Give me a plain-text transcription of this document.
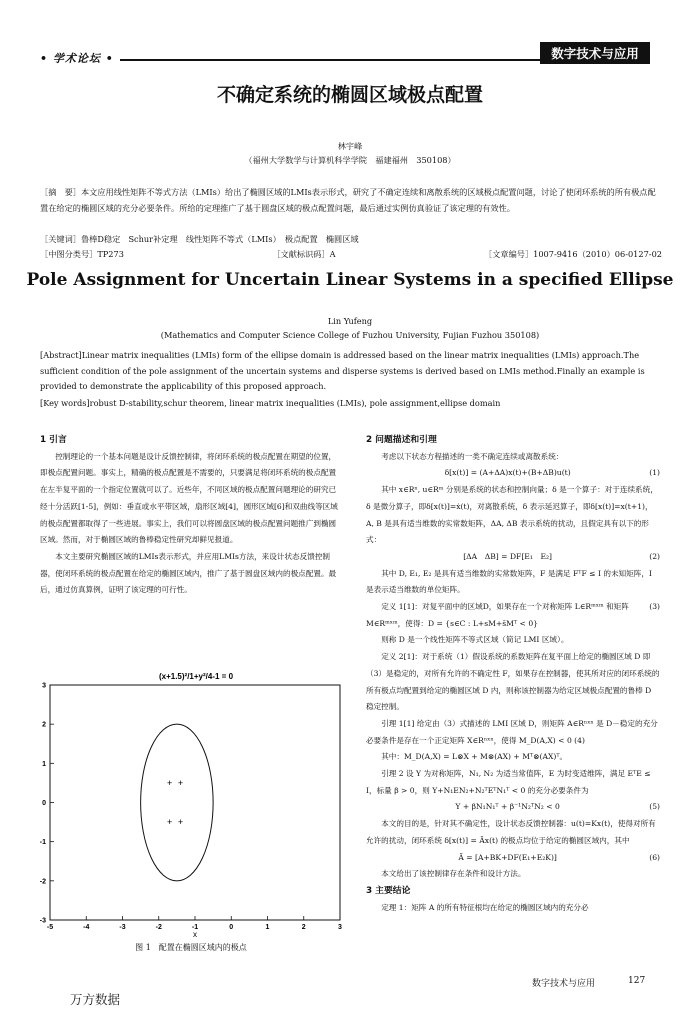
• 学术论坛 •	数字技术与应用
不确定系统的椭圆区域极点配置
林宇峰
（福州大学数学与计算机科学学院　福建福州　350108）
［摘　要］本文应用线性矩阵不等式方法（LMIs）给出了椭圆区域的LMIs表示形式，研究了不确定连续和离散系统的区域极点配置问题，讨论了使闭环系统的所有极点配置在给定的椭圆区域的充分必要条件。所给的定理推广了基于圆盘区域的极点配置问题，最后通过实例仿真验证了该定理的有效性。
［关键词］鲁棒D稳定　Schur补定理　线性矩阵不等式（LMIs）　极点配置　椭圆区域
［中图分类号］TP273	［文献标识码］A	［文章编号］1007-9416（2010）06-0127-02
Pole Assignment for Uncertain Linear Systems in a specified Ellipse
Lin Yufeng
(Mathematics and Computer Science College of Fuzhou University, Fujian Fuzhou 350108)
[Abstract]Linear matrix inequalities (LMIs) form of the ellipse domain is addressed based on the linear matrix inequalities (LMIs) approach.The sufficient condition of the pole assignment of the uncertain systems and disperse systems is derived based on LMIs method.Finally an example is provided to demonstrate the applicability of this proposed approach.
[Key words]robust D-stability,schur theorem, linear matrix inequalities (LMIs), pole assignment,ellipse domain

1 引言

控制理论的一个基本问题是设计反馈控制律，将闭环系统的极点配置在期望的位置，即极点配置问题。事实上，精确的极点配置是不需要的，只要满足将闭环系统的极点配置在左半复平面的一个指定位置就可以了。近些年，不同区域的极点配置问题理论的研究已经十分活跃[1-5]，例如：垂直或水平带区域，扇形区域[4]，圆形区域[6]和双曲线等区域的极点配置都取得了一些进展。事实上，我们可以将圆盘区域的极点配置问题推广到椭圆区域。然而，对于椭圆区域的鲁棒稳定性研究却鲜见报道。

本文主要研究椭圆区域的LMIs表示形式，并应用LMIs方法，来设计状态反馈控制器，使闭环系统的极点配置在给定的椭圆区域内，推广了基于圆盘区域内的极点配置。最后，通过仿真算例，证明了该定理的可行性。

(x+1.5)²/1+y²/4-1 = 0
-5	-4	-3	-2	-1	0	1	2	3
-3
-2
-1
0
1
2
3
+ +
+ +
x
图 1　配置在椭圆区域内的极点

2 问题描述和引理

考虑以下状态方程描述的一类不确定连续或离散系统：

δ[x(t)] = (A+ΔA)x(t)+(B+ΔB)u(t)	(1)

其中 x∈Rⁿ, u∈Rᵐ 分别是系统的状态和控制向量；δ 是一个算子：对于连续系统，δ 是微分算子，即δ[x(t)]=ẋ(t)，对离散系统，δ 表示延迟算子，即δ[x(t)]=x(t+1)，A, B 是具有适当维数的实常数矩阵，ΔA, ΔB 表示系统的扰动，且假定具有以下的形式：

[ΔA　ΔB] = DF[E₁　E₂]	(2)

其中 D, E₁, E₂ 是具有适当维数的实常数矩阵，F 是满足 FᵀF ≤ I 的未知矩阵，I 是表示适当维数的单位矩阵。

定义 1[1]：对复平面中的区域D，如果存在一个对称矩阵 L∈Rᵐˣᵐ 和矩阵 M∈Rᵐˣᵐ，使得：D = {s∈C : L+sM+s̄Mᵀ < 0}
(3)

则称 D 是一个线性矩阵不等式区域（简记 LMI 区域）。

定义 2[1]：对于系统（1）假设系统的系数矩阵在复平面上给定的椭圆区域 D 即（3）是稳定的，对所有允许的不确定性 F，如果存在控制器，使其所对应的闭环系统的所有极点均配置到给定的椭圆区域 D 内，则称该控制器为给定区域极点配置的鲁棒 D 稳定控制。

引理 1[1] 给定由（3）式描述的 LMI 区域 D，则矩阵 A∈Rⁿˣⁿ 是 D－稳定的充分必要条件是存在一个正定矩阵 X∈Rⁿˣⁿ，使得 M_D(A,X) < 0 (4)

其中：M_D(A,X) = L⊗X + M⊗(AX) + Mᵀ⊗(AX)ᵀ。

引理 2 设 Y 为对称矩阵，N₁, N₂ 为适当常值阵，E 为时变适维阵，满足 EᵀE ≤ I，标量 β > 0，则 Y+N₁EN₂+N₂ᵀEᵀN₁ᵀ < 0 的充分必要条件为

Y + βN₁N₁ᵀ + β⁻¹N₂ᵀN₂ < 0	(5)

本文的目的是，针对其不确定性，设计状态反馈控制器：u(t)=Kx(t)，使得对所有允许的扰动，闭环系统 δ[x(t)] = Ãx(t) 的极点均位于给定的椭圆区域内，其中

Ã = [A+BK+DF(E₁+E₂K)]	(6)

本文给出了该控制律存在条件和设计方法。

3 主要结论

定理 1：矩阵 A 的所有特征根均在给定的椭圆区域内的充分必

数字技术与应用	127
万方数据
